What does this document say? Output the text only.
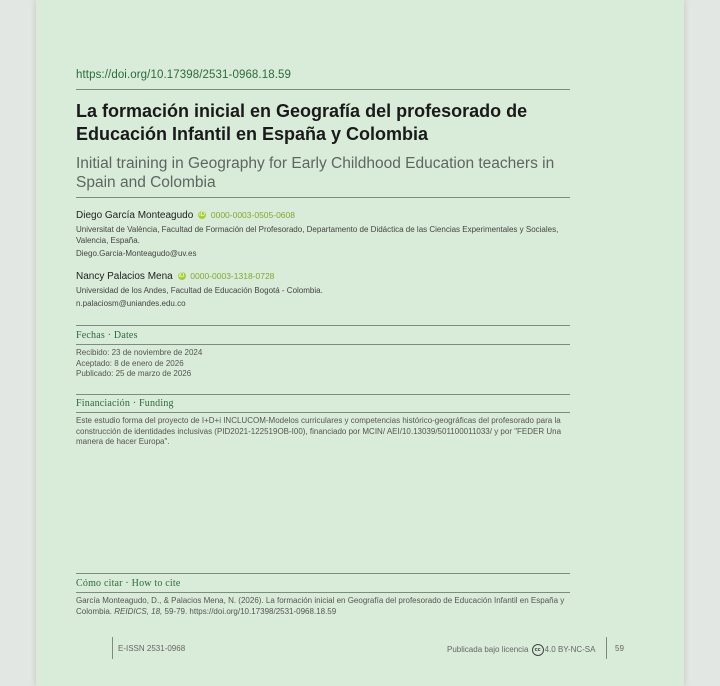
https://doi.org/10.17398/2531-0968.18.59
La formación inicial en Geografía del profesorado de Educación Infantil en España y Colombia
Initial training in Geography for Early Childhood Education teachers in Spain and Colombia
Diego García Monteagudo iD 0000-0003-0505-0608
Universitat de València, Facultad de Formación del Profesorado, Departamento de Didáctica de las Ciencias Experimentales y Sociales, Valencia, España.
Diego.Garcia-Monteagudo@uv.es
Nancy Palacios Mena iD 0000-0003-1318-0728
Universidad de los Andes, Facultad de Educación Bogotá - Colombia.
n.palaciosm@uniandes.edu.co
Fechas · Dates
Recibido: 23 de noviembre de 2024
Aceptado: 8 de enero de 2026
Publicado: 25 de marzo de 2026
Financiación · Funding
Este estudio forma del proyecto de I+D+i INCLUCOM-Modelos curriculares y competencias histórico-geográficas del profesorado para la construcción de identidades inclusivas (PID2021-122519OB-I00), financiado por MCIN/ AEI/10.13039/501100011033/ y por "FEDER Una manera de hacer Europa".
Cómo citar · How to cite
García Monteagudo, D., & Palacios Mena, N. (2026). La formación inicial en Geografía del profesorado de Educación Infantil en España y Colombia. REIDICS, 18, 59-79. https://doi.org/10.17398/2531-0968.18.59
E-ISSN 2531-0968	Publicada bajo licencia cc 4.0 BY-NC-SA 59
